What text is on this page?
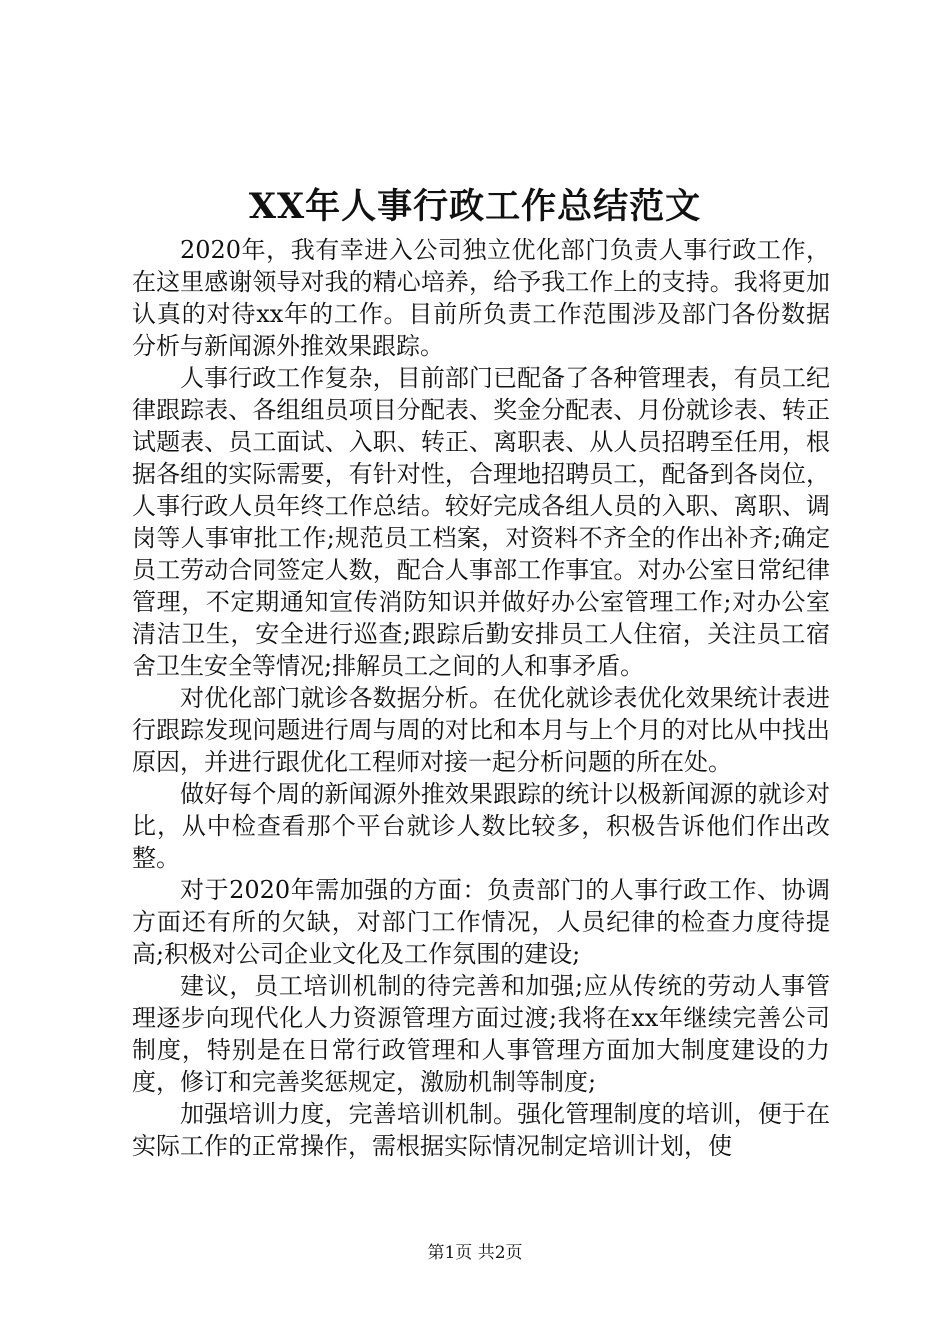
XX年人事行政工作总结范文

2020年，我有幸进入公司独立优化部门负责人事行政工作，在这里感谢领导对我的精心培养，给予我工作上的支持。我将更加认真的对待xx年的工作。目前所负责工作范围涉及部门各份数据分析与新闻源外推效果跟踪。

人事行政工作复杂，目前部门已配备了各种管理表，有员工纪律跟踪表、各组组员项目分配表、奖金分配表、月份就诊表、转正试题表、员工面试、入职、转正、离职表、从人员招聘至任用，根据各组的实际需要，有针对性，合理地招聘员工，配备到各岗位，人事行政人员年终工作总结。较好完成各组人员的入职、离职、调岗等人事审批工作;规范员工档案，对资料不齐全的作出补齐;确定员工劳动合同签定人数，配合人事部工作事宜。对办公室日常纪律管理，不定期通知宣传消防知识并做好办公室管理工作;对办公室清洁卫生，安全进行巡查;跟踪后勤安排员工人住宿，关注员工宿舍卫生安全等情况;排解员工之间的人和事矛盾。

对优化部门就诊各数据分析。在优化就诊表优化效果统计表进行跟踪发现问题进行周与周的对比和本月与上个月的对比从中找出原因，并进行跟优化工程师对接一起分析问题的所在处。

做好每个周的新闻源外推效果跟踪的统计以极新闻源的就诊对比，从中检查看那个平台就诊人数比较多，积极告诉他们作出改整。

对于2020年需加强的方面：负责部门的人事行政工作、协调方面还有所的欠缺，对部门工作情况，人员纪律的检查力度待提高;积极对公司企业文化及工作氛围的建设;

建议，员工培训机制的待完善和加强;应从传统的劳动人事管理逐步向现代化人力资源管理方面过渡;我将在xx年继续完善公司制度，特别是在日常行政管理和人事管理方面加大制度建设的力度，修订和完善奖惩规定，激励机制等制度;

加强培训力度，完善培训机制。强化管理制度的培训，便于在实际工作的正常操作，需根据实际情况制定培训计划，使

第1页 共2页
